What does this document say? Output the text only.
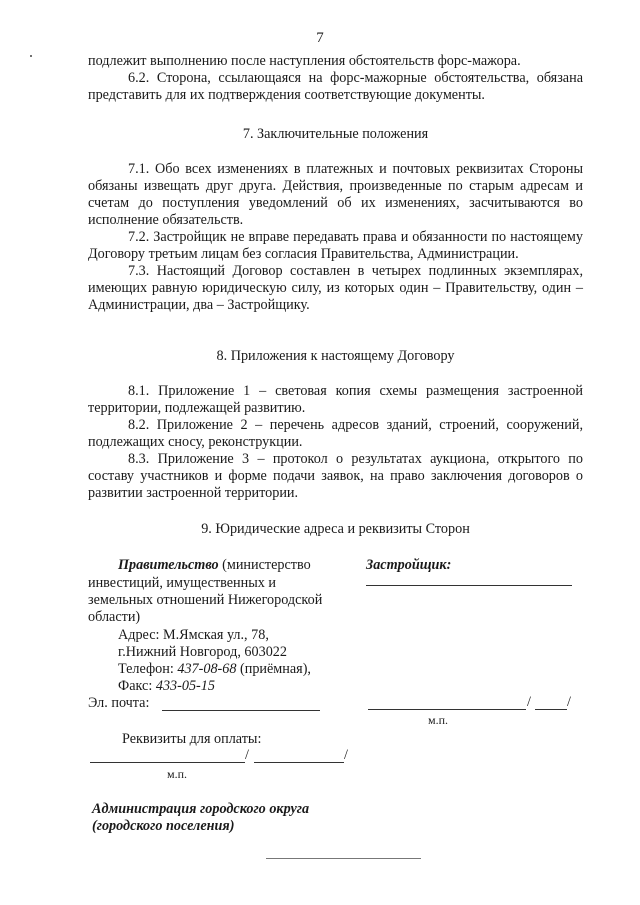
7

подлежит выполнению после наступления обстоятельств форс-мажора.

6.2. Сторона, ссылающаяся на форс-мажорные обстоятельства, обязана представить для их подтверждения соответствующие документы.

7. Заключительные положения

7.1. Обо всех изменениях в платежных и почтовых реквизитах Стороны обязаны извещать друг друга. Действия, произведенные по старым адресам и счетам до поступления уведомлений об их изменениях, засчитываются во исполнение обязательств.

7.2. Застройщик не вправе передавать права и обязанности по настоящему Договору третьим лицам без согласия Правительства, Администрации.

7.3. Настоящий Договор составлен в четырех подлинных экземплярах, имеющих равную юридическую силу, из которых один – Правительству, один – Администрации, два – Застройщику.

8. Приложения к настоящему Договору

8.1. Приложение 1 – световая копия схемы размещения застроенной территории, подлежащей развитию.

8.2. Приложение 2 – перечень адресов зданий, строений, сооружений, подлежащих сносу, реконструкции.

8.3. Приложение 3 – протокол о результатах аукциона, открытого по составу участников и форме подачи заявок, на право заключения договоров о развитии застроенной территории.

9. Юридические адреса и реквизиты Сторон
Правительство (министерство
инвестиций, имущественных и
земельных отношений Нижегородской
области)
Адрес: М.Ямская ул., 78,
г.Нижний Новгород, 603022
Телефон: 437-08-68 (приёмная),
Факс: 433-05-15
Эл. почта:
Реквизиты для оплаты:
/	/
м.п.
Застройщик:
/	/
м.п.
Администрация городского округа
(городского поселения)
